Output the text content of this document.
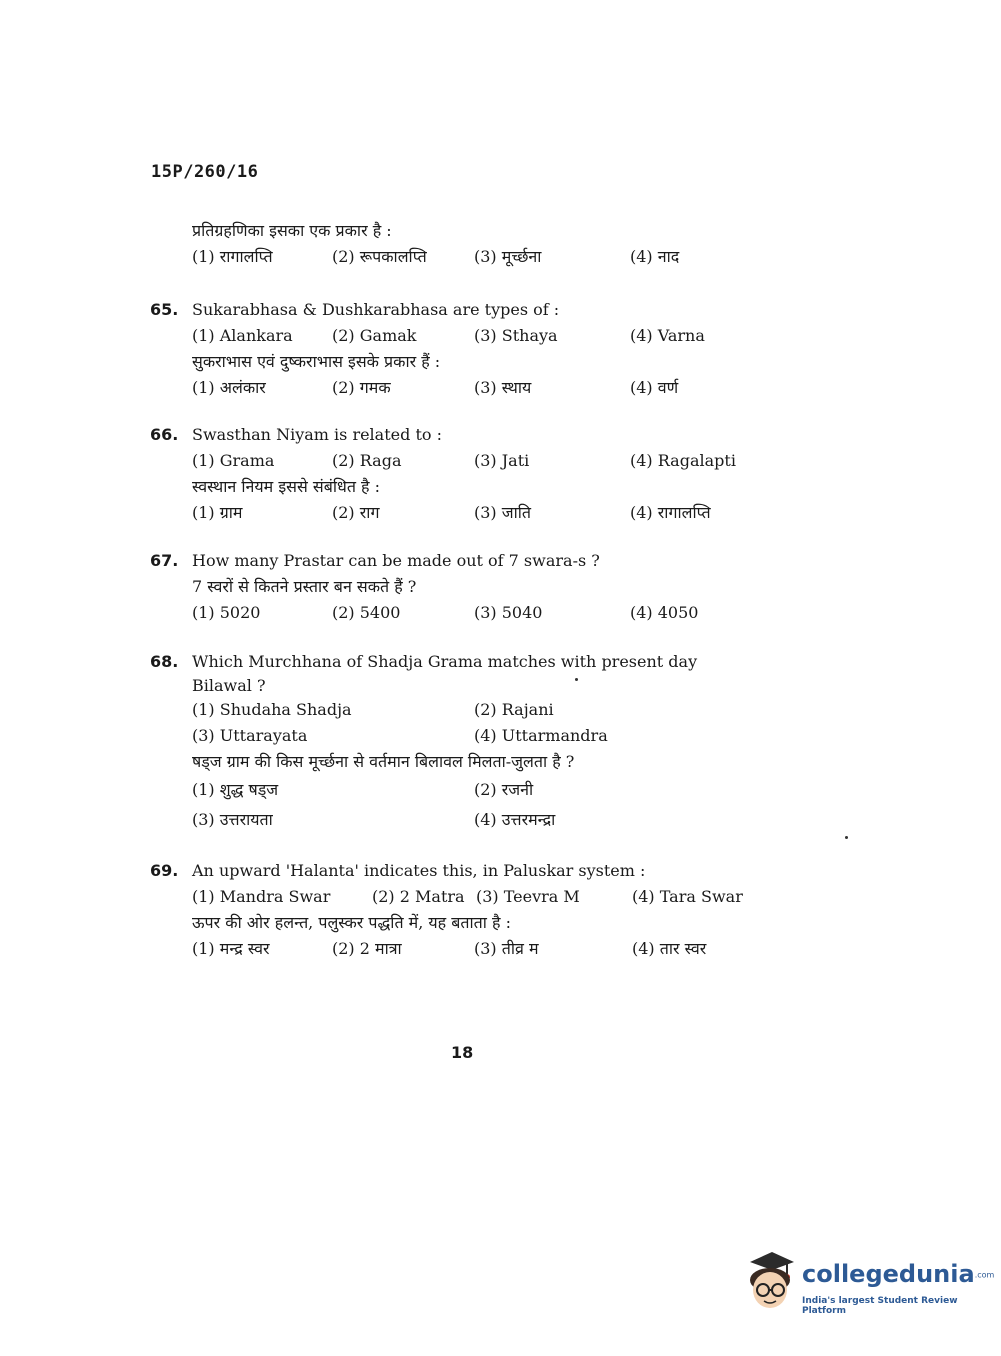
15P/260/16
प्रतिग्रहणिका इसका एक प्रकार है :
(1) रागालप्ति	(2) रूपकालप्ति	(3) मूर्च्छना	(4) नाद
65. Sukarabhasa & Dushkarabhasa are types of :
(1) Alankara (2) Gamak	(3) Sthaya	(4) Varna
सुकराभास एवं दुष्कराभास इसके प्रकार हैं :
(1) अलंकार	(2) गमक	(3) स्थाय	(4) वर्ण
66. Swasthan Niyam is related to :
(1) Grama	(2) Raga	(3) Jati	(4) Ragalapti
स्वस्थान नियम इससे संबंधित है :
(1) ग्राम	(2) राग	(3) जाति	(4) रागालप्ति
67. How many Prastar can be made out of 7 swara-s ?
7 स्वरों से कितने प्रस्तार बन सकते हैं ?
(1) 5020	(2) 5400	(3) 5040	(4) 4050
68. Which Murchhana of Shadja Grama matches with present day
Bilawal ?
(1) Shudaha Shadja	(2) Rajani
(3) Uttarayata	(4) Uttarmandra
षड्ज ग्राम की किस मूर्च्छना से वर्तमान बिलावल मिलता-जुलता है ?
(1) शुद्ध षड्ज	(2) रजनी
(3) उत्तरायता	(4) उत्तरमन्द्रा
69. An upward 'Halanta' indicates this, in Paluskar system :
(1) Mandra Swar	(2) 2 Matra (3) Teevra M	(4) Tara Swar
ऊपर की ओर हलन्त, पलुस्कर पद्धति में, यह बताता है :
(1) मन्द्र स्वर	(2) 2 मात्रा	(3) तीव्र म	(4) तार स्वर
18
collegedunia.com
India's largest Student Review Platform
